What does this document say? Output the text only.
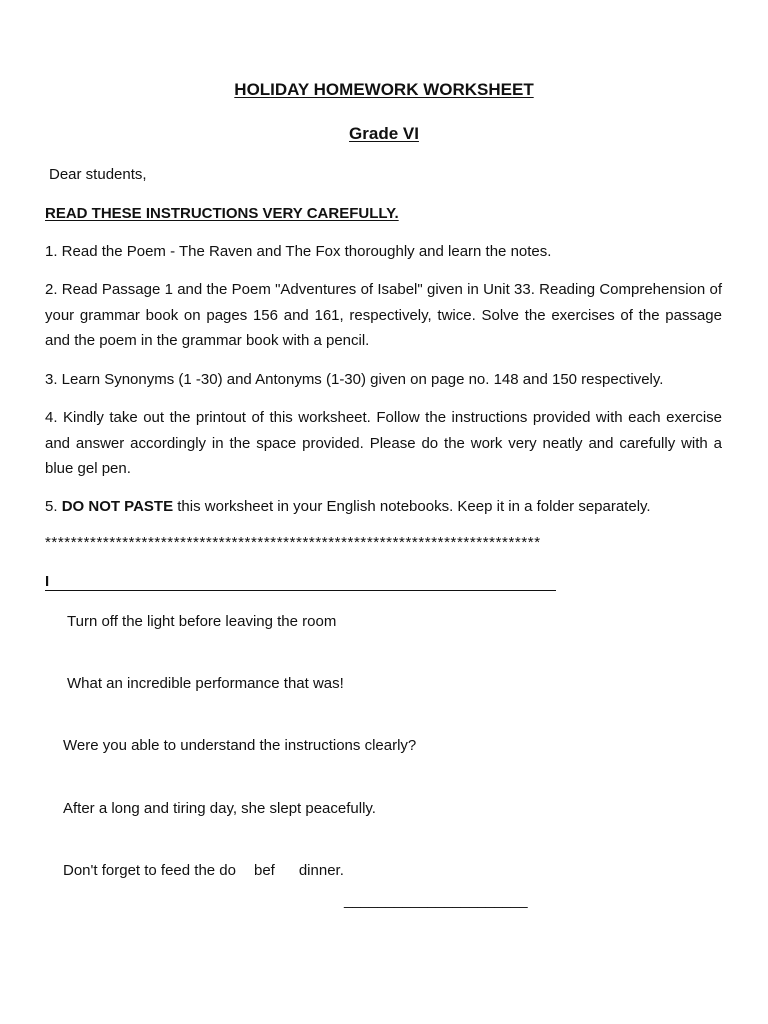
HOLIDAY HOMEWORK WORKSHEET
Grade VI
Dear students,
READ THESE INSTRUCTIONS VERY CAREFULLY.
1. Read the Poem - The Raven and The Fox thoroughly and learn the notes.
2. Read Passage 1 and the Poem "Adventures of Isabel" given in Unit 33. Reading Comprehension of your grammar book on pages 156 and 161, respectively, twice. Solve the exercises of the passage and the poem in the grammar book with a pencil.
3. Learn Synonyms (1 -30) and Antonyms (1-30) given on page no. 148 and 150 respectively.
4. Kindly take out the printout of this worksheet. Follow the instructions provided with each exercise and answer accordingly in the space provided. Please do the work very neatly and carefully with a blue gel pen.
5. DO NOT PASTE this worksheet in your English notebooks. Keep it in a folder separately.
*****************************************************************************
I
Turn off the light before leaving the room
What an incredible performance that was!
Were you able to understand the instructions clearly?
After a long and tiring day, she slept peacefully.
Don't forget to feed the do bef dinner.
______________________
